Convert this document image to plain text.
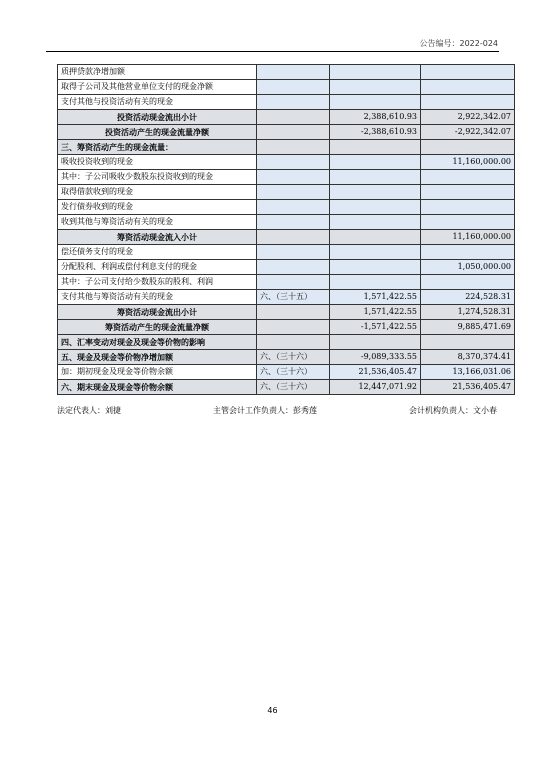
公告编号：2022-024
质押贷款净增加额			
取得子公司及其他营业单位支付的现金净额			
支付其他与投资活动有关的现金			
投资活动现金流出小计		2,388,610.93	2,922,342.07
投资活动产生的现金流量净额		-2,388,610.93	-2,922,342.07
三、筹资活动产生的现金流量：			
吸收投资收到的现金			11,160,000.00
其中：子公司吸收少数股东投资收到的现金			
取得借款收到的现金			
发行债券收到的现金			
收到其他与筹资活动有关的现金			
筹资活动现金流入小计			11,160,000.00
偿还债务支付的现金			
分配股利、利润或偿付利息支付的现金			1,050,000.00
其中：子公司支付给少数股东的股利、利润			
支付其他与筹资活动有关的现金	六、（三十五）	1,571,422.55	224,528.31
筹资活动现金流出小计		1,571,422.55	1,274,528.31
筹资活动产生的现金流量净额		-1,571,422.55	9,885,471.69
四、汇率变动对现金及现金等价物的影响			
五、现金及现金等价物净增加额	六、（三十六）	-9,089,333.55	8,370,374.41
加：期初现金及现金等价物余额	六、（三十六）	21,536,405.47	13,166,031.06
六、期末现金及现金等价物余额	六、（三十六）	12,447,071.92	21,536,405.47
法定代表人：刘捷	主管会计工作负责人：彭秀莲	会计机构负责人：文小春
46
